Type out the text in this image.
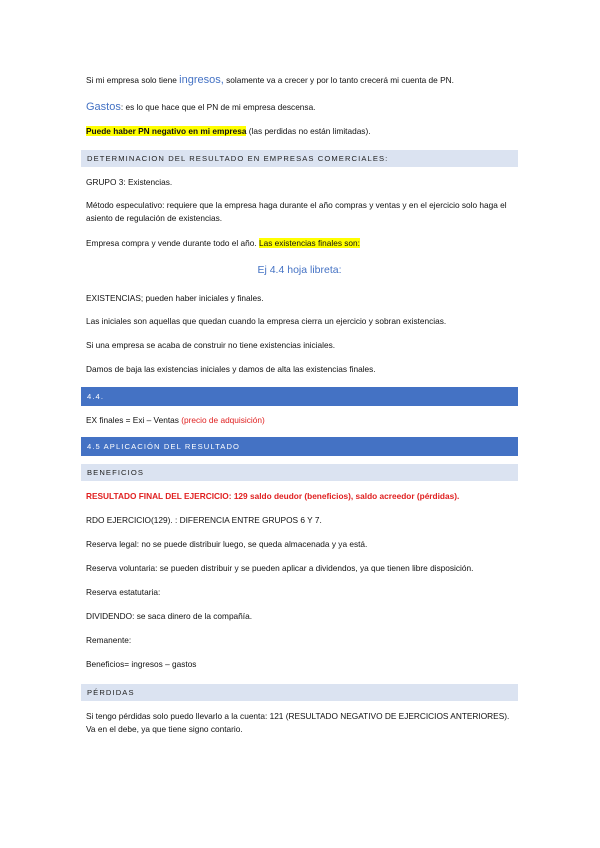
Si mi empresa solo tiene ingresos, solamente va a crecer y por lo tanto crecerá mi cuenta de PN.
Gastos: es lo que hace que el PN de mi empresa descensa.
Puede haber PN negativo en mi empresa (las perdidas no están limitadas).
DETERMINACION DEL RESULTADO EN EMPRESAS COMERCIALES:
GRUPO 3: Existencias.
Método especulativo: requiere que la empresa haga durante el año compras y ventas y en el ejercicio solo haga el asiento de regulación de existencias.
Empresa compra y vende durante todo el año. Las existencias finales son:
Ej 4.4 hoja libreta:
EXISTENCIAS; pueden haber iniciales y finales.
Las iniciales son aquellas que quedan cuando la empresa cierra un ejercicio y sobran existencias.
Si una empresa se acaba de construir no tiene existencias iniciales.
Damos de baja las existencias iniciales y damos de alta las existencias finales.
4.4.
EX finales = Exi – Ventas (precio de adquisición)
4.5 APLICACIÓN DEL RESULTADO
BENEFICIOS
RESULTADO FINAL DEL EJERCICIO: 129 saldo deudor (beneficios), saldo acreedor (pérdidas).
RDO EJERCICIO(129). : DIFERENCIA ENTRE GRUPOS 6 Y 7.
Reserva legal: no se puede distribuir luego, se queda almacenada y ya está.
Reserva voluntaria: se pueden distribuir y se pueden aplicar a dividendos, ya que tienen libre disposición.
Reserva estatutaria:
DIVIDENDO: se saca dinero de la compañía.
Remanente:
Beneficios= ingresos – gastos
PÉRDIDAS
Si tengo pérdidas solo puedo llevarlo a la cuenta: 121 (RESULTADO NEGATIVO DE EJERCICIOS ANTERIORES). Va en el debe, ya que tiene signo contario.
